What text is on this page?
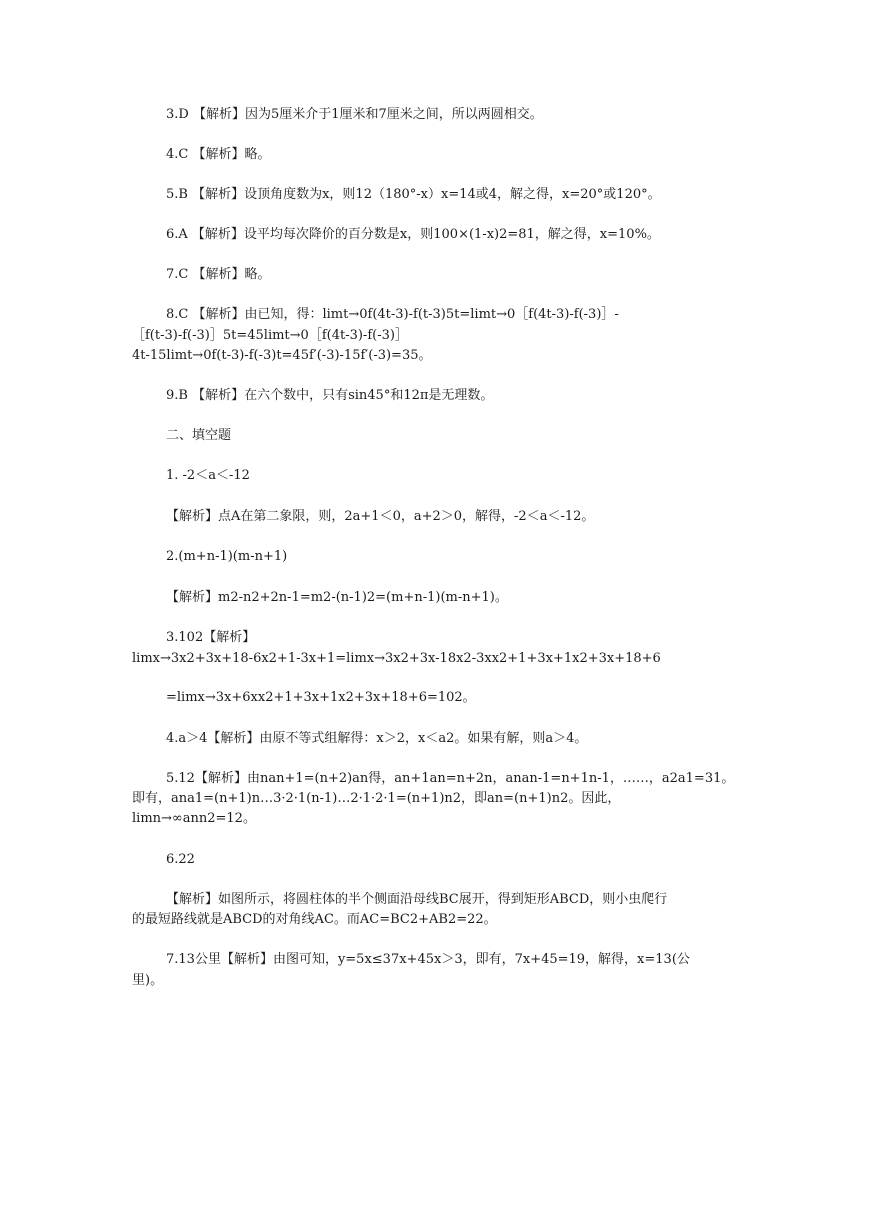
3.D 【解析】因为5厘米介于1厘米和7厘米之间，所以两圆相交。
4.C 【解析】略。
5.B 【解析】设顶角度数为x，则12（180°-x）x=14或4，解之得，x=20°或120°。
6.A 【解析】设平均每次降价的百分数是x，则100×(1-x)2=81，解之得，x=10%。
7.C 【解析】略。
8.C 【解析】由已知，得：limt→0f(4t-3)-f(t-3)5t=limt→0［f(4t-3)-f(-3)］-
［f(t-3)-f(-3)］5t=45limt→0［f(4t-3)-f(-3)］
4t-15limt→0f(t-3)-f(-3)t=45f′(-3)-15f′(-3)=35。
9.B 【解析】在六个数中，只有sin45°和12π是无理数。
二、填空题
1. -2＜a＜-12
【解析】点A在第二象限，则，2a+1＜0，a+2＞0，解得，-2＜a＜-12。
2.(m+n-1)(m-n+1)
【解析】m2-n2+2n-1=m2-(n-1)2=(m+n-1)(m-n+1)。
3.102【解析】
limx→3x2+3x+18-6x2+1-3x+1=limx→3x2+3x-18x2-3xx2+1+3x+1x2+3x+18+6
=limx→3x+6xx2+1+3x+1x2+3x+18+6=102。
4.a＞4【解析】由原不等式组解得：x＞2，x＜a2。如果有解，则a＞4。
5.12【解析】由nan+1=(n+2)an得，an+1an=n+2n，anan-1=n+1n-1，……，a2a1=31。
即有，ana1=(n+1)n…3·2·1(n-1)…2·1·2·1=(n+1)n2，即an=(n+1)n2。因此，
limn→∞ann2=12。
6.22
【解析】如图所示，将圆柱体的半个侧面沿母线BC展开，得到矩形ABCD，则小虫爬行
的最短路线就是ABCD的对角线AC。而AC=BC2+AB2=22。
7.13公里【解析】由图可知，y=5x≤37x+45x＞3，即有，7x+45=19，解得，x=13(公
里)。
